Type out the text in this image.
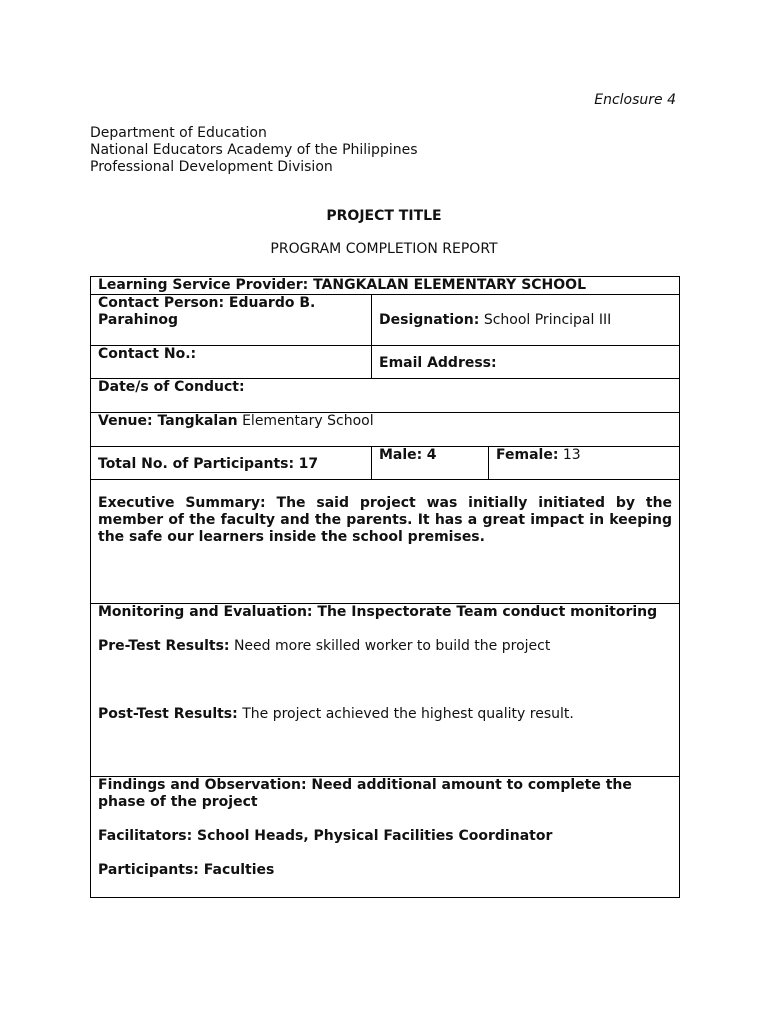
Enclosure 4
Department of Education
National Educators Academy of the Philippines
Professional Development Division
PROJECT TITLE
PROGRAM COMPLETION REPORT
Learning Service Provider: TANGKALAN ELEMENTARY SCHOOL		
Contact Person: Eduardo B. Parahinog	Designation: School Principal III	
Contact No.:	Email Address:	
Date/s of Conduct:		
Venue: Tangkalan Elementary School		
Total No. of Participants: 17	Male: 4	Female: 13

Executive Summary: The said project was initially initiated by the member of the faculty and the parents. It has a great impact in keeping the safe our learners inside the school premises.		

Monitoring and Evaluation: The Inspectorate Team conduct monitoring
Pre-Test Results: Need more skilled worker to build the project
Post-Test Results: The project achieved the highest quality result.		

Findings and Observation: Need additional amount to complete the phase of the project
Facilitators: School Heads, Physical Facilities Coordinator
Participants: Faculties		
